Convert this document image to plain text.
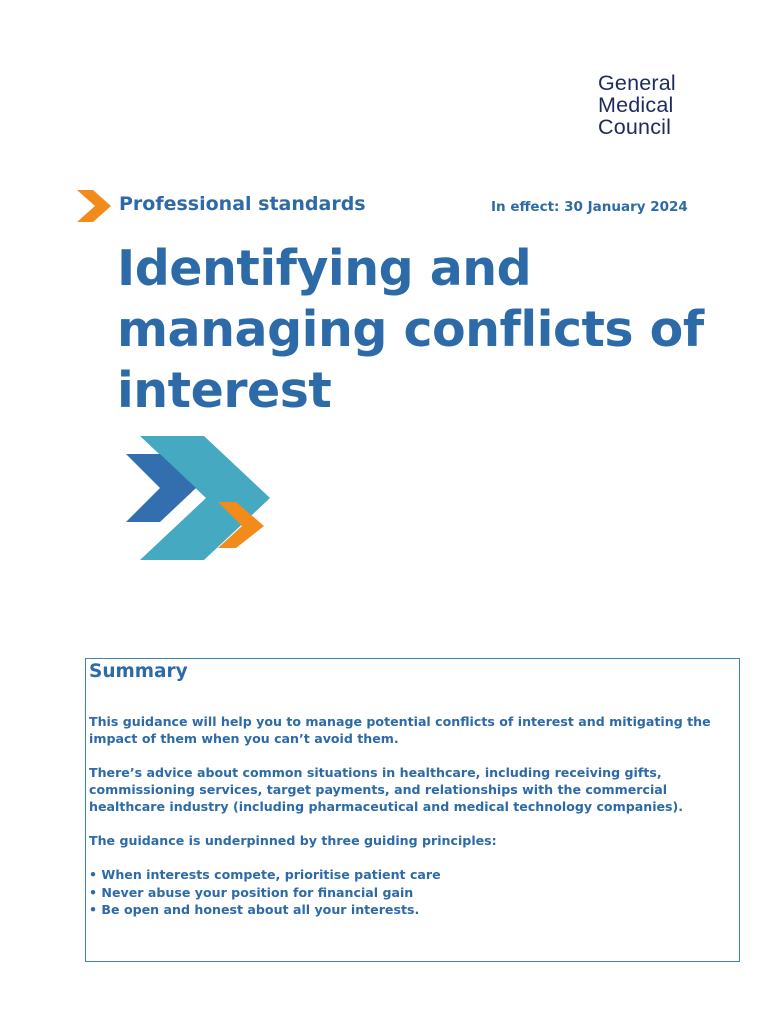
General
Medical
Council
Professional standards	In effect: 30 January 2024
Identifying and
managing conflicts of
interest
Summary

This guidance will help you to manage potential conflicts of interest and mitigating the impact of them when you can’t avoid them.

There’s advice about common situations in healthcare, including receiving gifts, commissioning services, target payments, and relationships with the commercial healthcare industry (including pharmaceutical and medical technology companies).

The guidance is underpinned by three guiding principles:

• When interests compete, prioritise patient care
• Never abuse your position for financial gain
• Be open and honest about all your interests.
